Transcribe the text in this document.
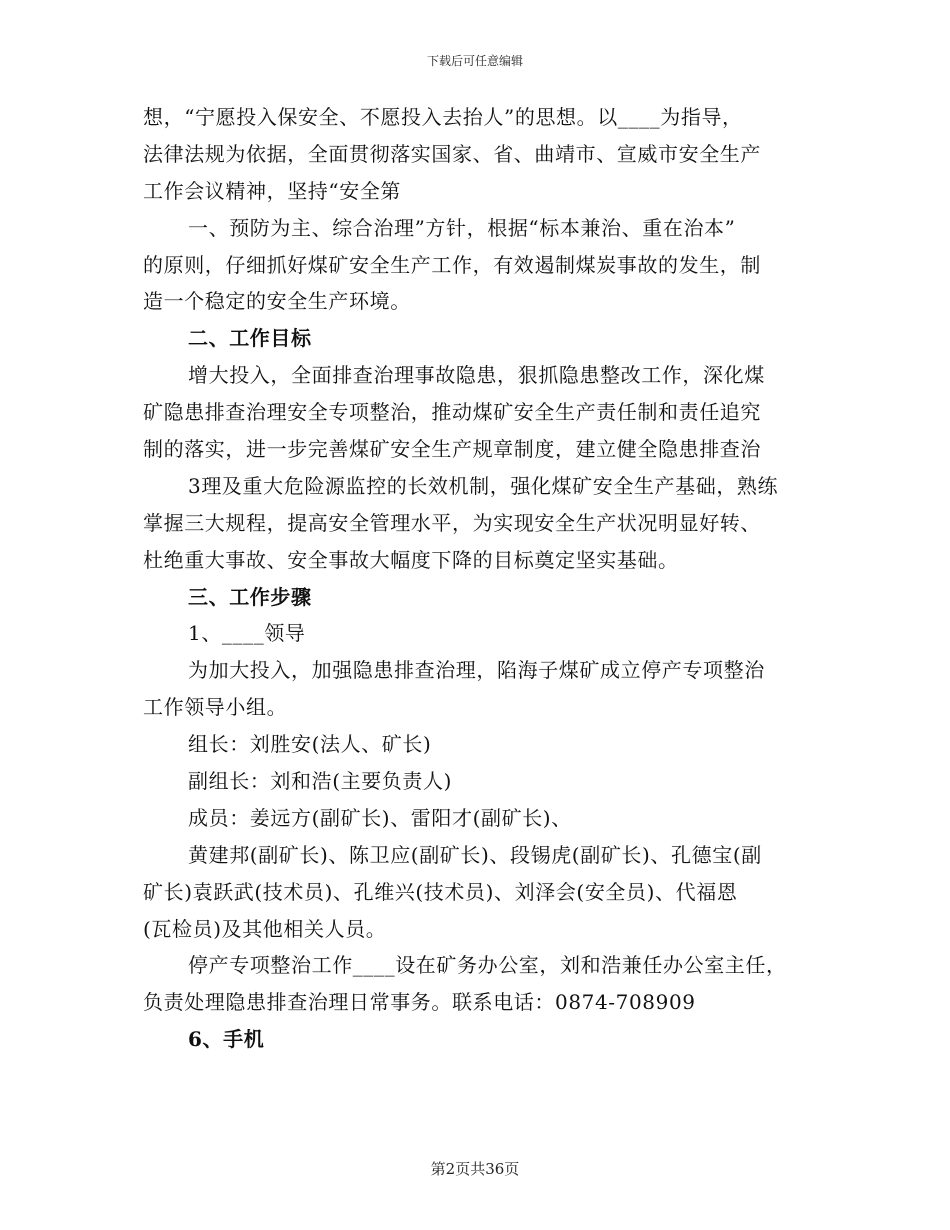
下载后可任意编辑
想，“宁愿投入保安全、不愿投入去抬人”的思想。以____为指导，
法律法规为依据，全面贯彻落实国家、省、曲靖市、宣威市安全生产
工作会议精神，坚持“安全第
一、预防为主、综合治理”方针，根据“标本兼治、重在治本”
的原则，仔细抓好煤矿安全生产工作，有效遏制煤炭事故的发生，制
造一个稳定的安全生产环境。
二、工作目标
增大投入，全面排查治理事故隐患，狠抓隐患整改工作，深化煤
矿隐患排查治理安全专项整治，推动煤矿安全生产责任制和责任追究
制的落实，进一步完善煤矿安全生产规章制度，建立健全隐患排查治
3理及重大危险源监控的长效机制，强化煤矿安全生产基础，熟练
掌握三大规程，提高安全管理水平，为实现安全生产状况明显好转、
杜绝重大事故、安全事故大幅度下降的目标奠定坚实基础。
三、工作步骤
1、____领导
为加大投入，加强隐患排查治理，陷海子煤矿成立停产专项整治
工作领导小组。
组长：刘胜安(法人、矿长)
副组长：刘和浩(主要负责人)
成员：姜远方(副矿长)、雷阳才(副矿长)、
黄建邦(副矿长)、陈卫应(副矿长)、段锡虎(副矿长)、孔德宝(副
矿长)袁跃武(技术员)、孔维兴(技术员)、刘泽会(安全员)、代福恩
(瓦检员)及其他相关人员。
停产专项整治工作____设在矿务办公室，刘和浩兼任办公室主任，
负责处理隐患排查治理日常事务。联系电话：0874-708909
6、手机
第2页共36页
